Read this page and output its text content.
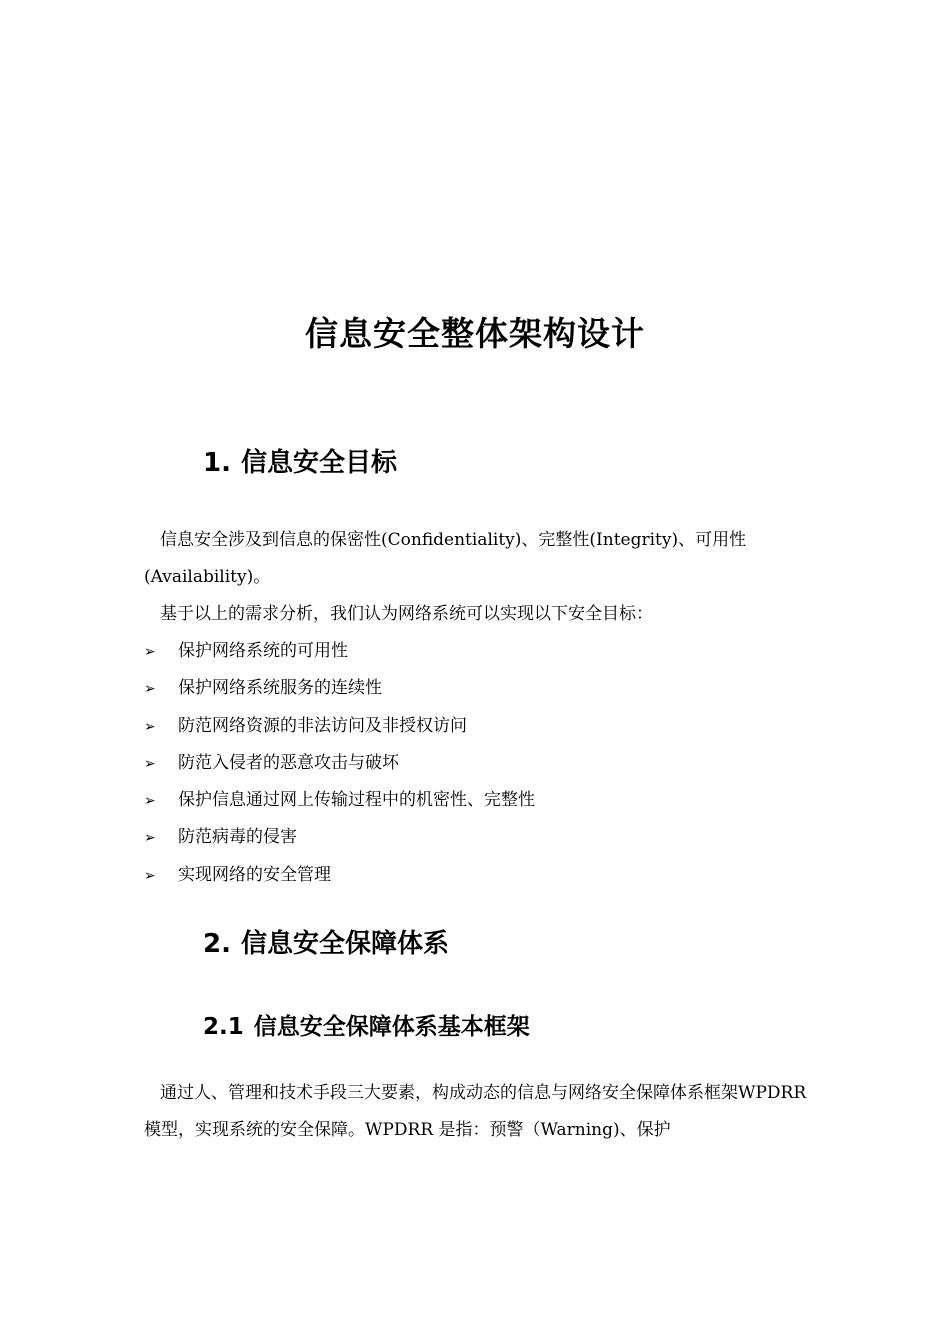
信息安全整体架构设计
1. 信息安全目标
信息安全涉及到信息的保密性(Confidentiality)、完整性(Integrity)、可用性(Availability)。
基于以上的需求分析，我们认为网络系统可以实现以下安全目标：
➢ 保护网络系统的可用性
➢ 保护网络系统服务的连续性
➢ 防范网络资源的非法访问及非授权访问
➢ 防范入侵者的恶意攻击与破坏
➢ 保护信息通过网上传输过程中的机密性、完整性
➢ 防范病毒的侵害
➢ 实现网络的安全管理
2. 信息安全保障体系
2.1 信息安全保障体系基本框架
通过人、管理和技术手段三大要素，构成动态的信息与网络安全保障体系框架WPDRR 模型，实现系统的安全保障。WPDRR 是指：预警（Warning)、保护
